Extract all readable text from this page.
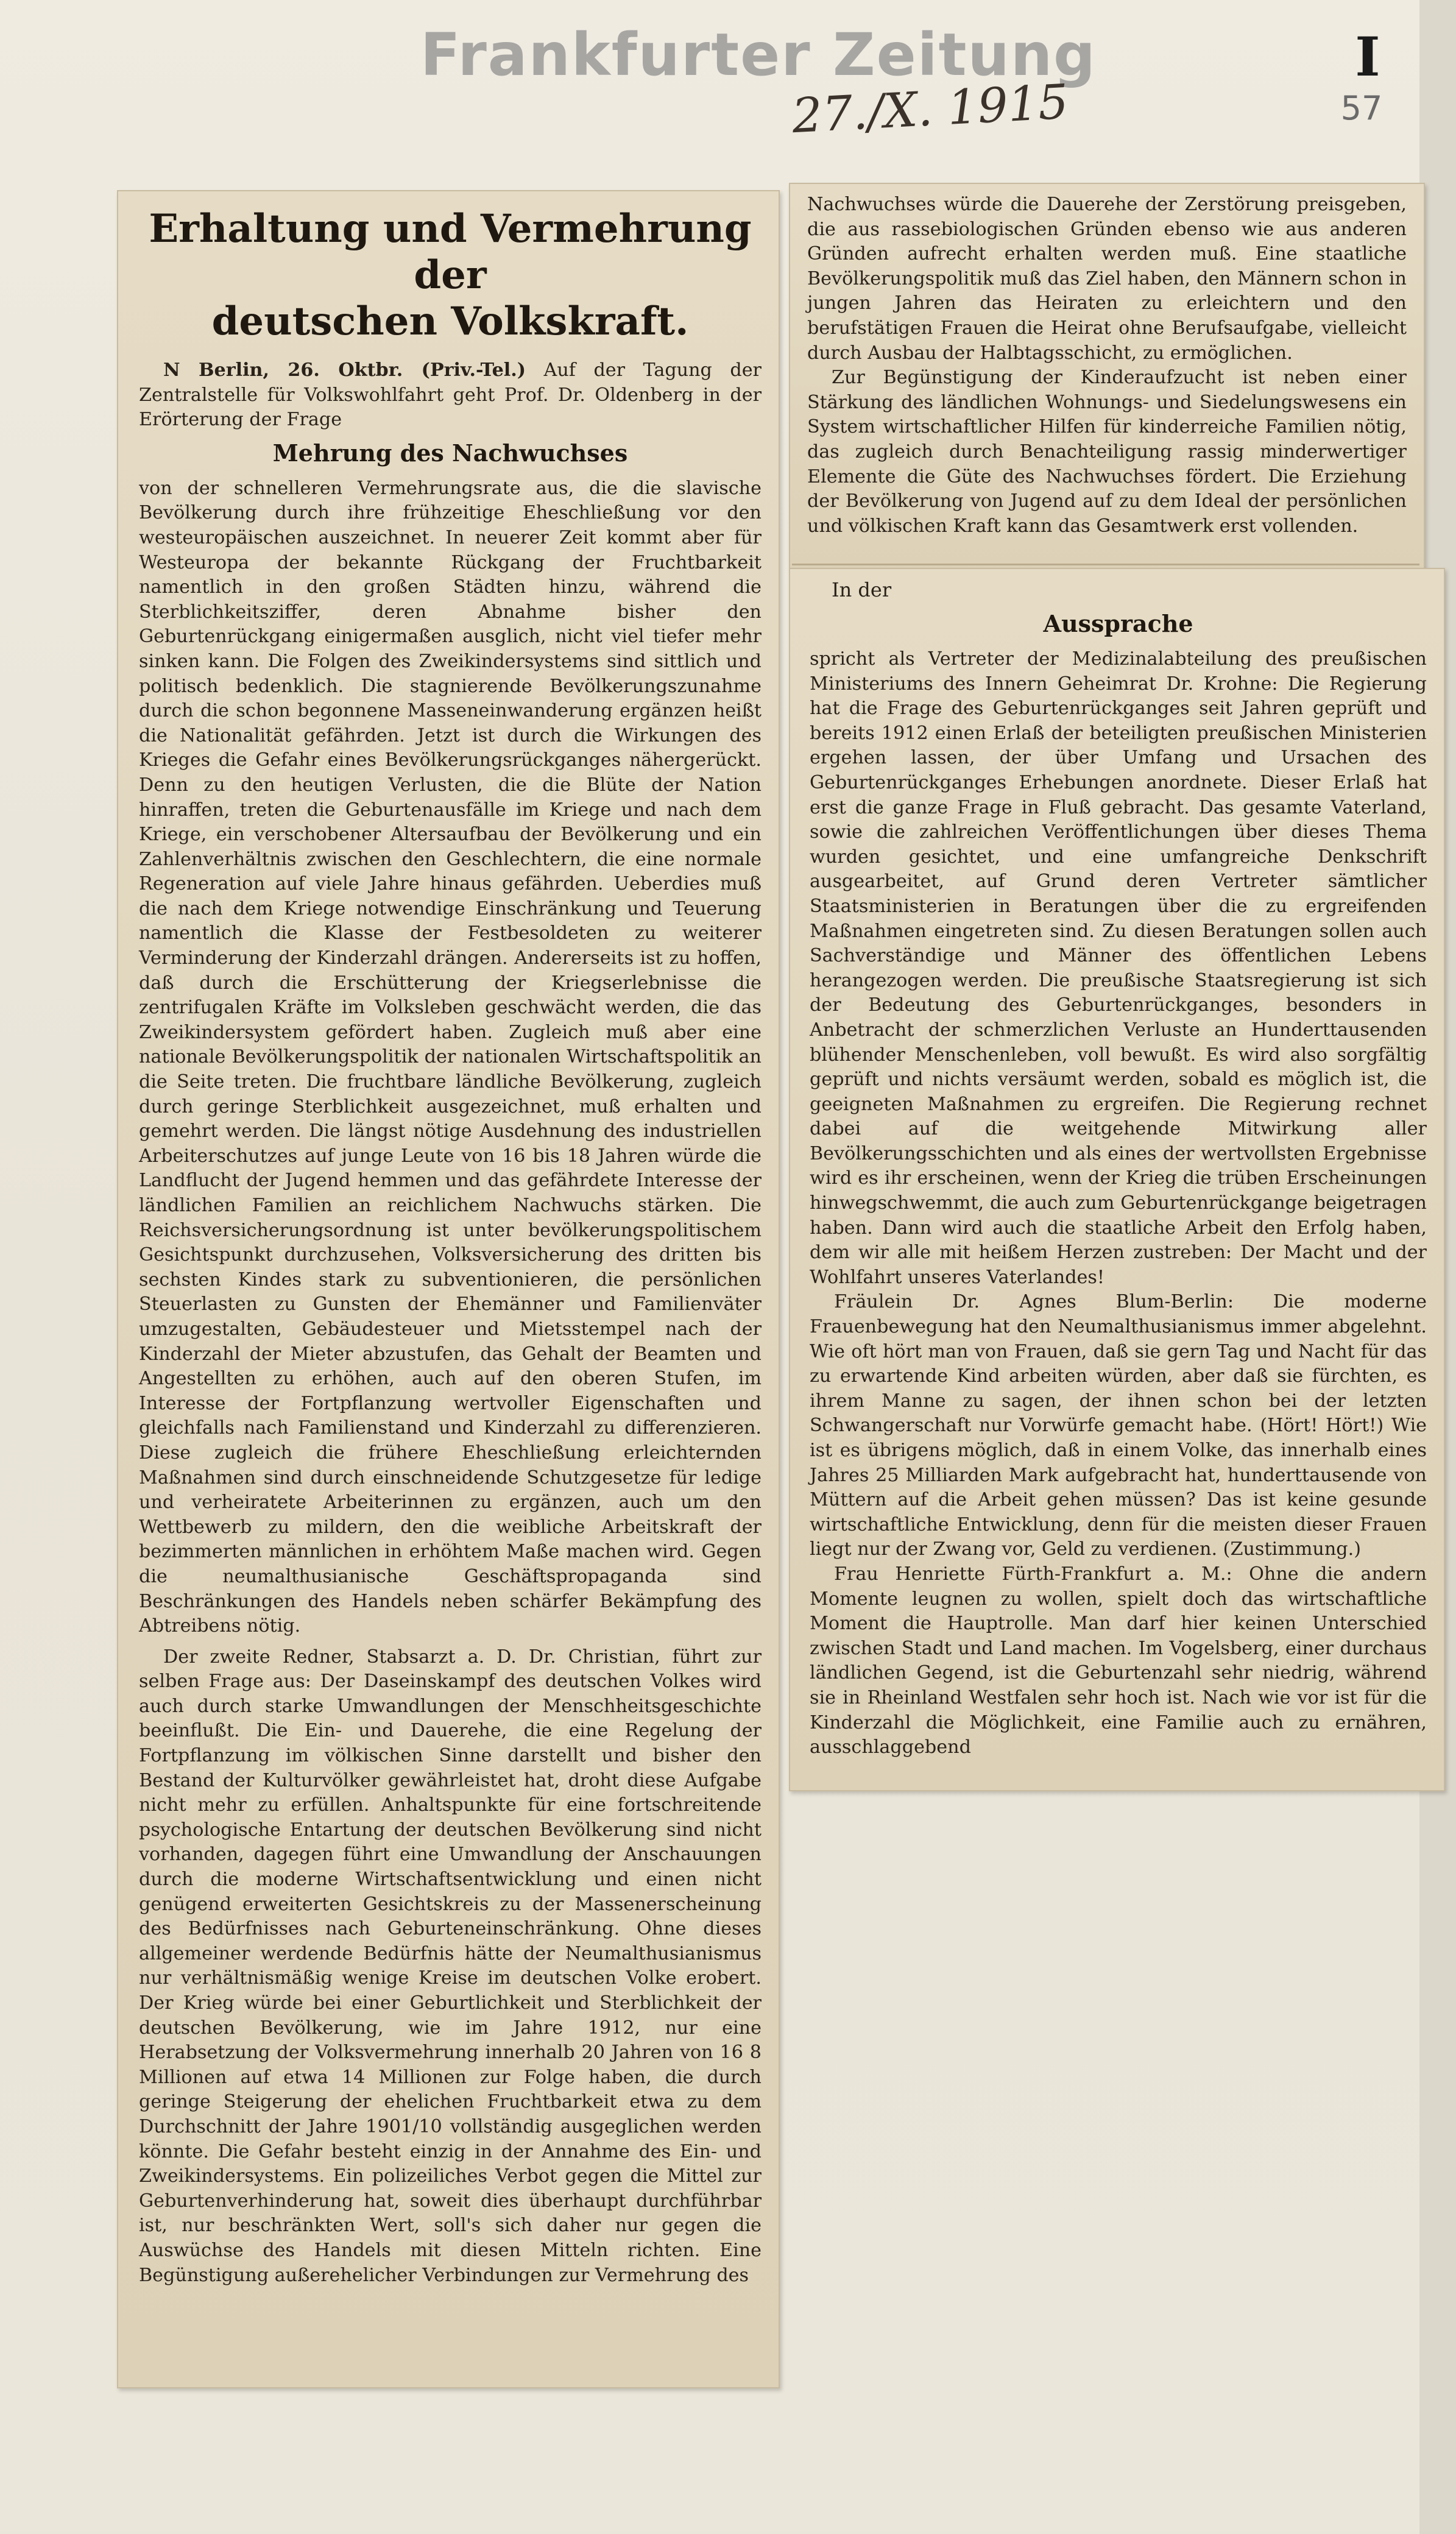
Frankfurter Zeitung
27./X. 1915
I
57
Erhaltung und Vermehrung der
deutschen Volkskraft.

N Berlin, 26. Oktbr. (Priv.-Tel.) Auf der Tagung der Zentralstelle für Volkswohlfahrt geht Prof. Dr. Oldenberg in der Erörterung der Frage

Mehrung des Nachwuchses

von der schnelleren Vermehrungsrate aus, die die slavische Bevölkerung durch ihre frühzeitige Eheschließung vor den westeuropäischen auszeichnet. In neuerer Zeit kommt aber für Westeuropa der bekannte Rückgang der Fruchtbarkeit namentlich in den großen Städten hinzu, während die Sterblichkeitsziffer, deren Abnahme bisher den Geburtenrückgang einigermaßen ausglich, nicht viel tiefer mehr sinken kann. Die Folgen des Zweikindersystems sind sittlich und politisch bedenklich. Die stagnierende Bevölkerungszunahme durch die schon begonnene Masseneinwanderung ergänzen heißt die Nationalität gefährden. Jetzt ist durch die Wirkungen des Krieges die Gefahr eines Bevölkerungsrückganges nähergerückt. Denn zu den heutigen Verlusten, die die Blüte der Nation hinraffen, treten die Geburtenausfälle im Kriege und nach dem Kriege, ein verschobener Altersaufbau der Bevölkerung und ein Zahlenverhältnis zwischen den Geschlechtern, die eine normale Regeneration auf viele Jahre hinaus gefährden. Ueberdies muß die nach dem Kriege notwendige Einschränkung und Teuerung namentlich die Klasse der Festbesoldeten zu weiterer Verminderung der Kinderzahl drängen. Andererseits ist zu hoffen, daß durch die Erschütterung der Kriegserlebnisse die zentrifugalen Kräfte im Volksleben geschwächt werden, die das Zweikindersystem gefördert haben. Zugleich muß aber eine nationale Bevölkerungspolitik der nationalen Wirtschaftspolitik an die Seite treten. Die fruchtbare ländliche Bevölkerung, zugleich durch geringe Sterblichkeit ausgezeichnet, muß erhalten und gemehrt werden. Die längst nötige Ausdehnung des industriellen Arbeiterschutzes auf junge Leute von 16 bis 18 Jahren würde die Landflucht der Jugend hemmen und das gefährdete Interesse der ländlichen Familien an reichlichem Nachwuchs stärken. Die Reichsversicherungsordnung ist unter bevölkerungspolitischem Gesichtspunkt durchzusehen, Volksversicherung des dritten bis sechsten Kindes stark zu subventionieren, die persönlichen Steuerlasten zu Gunsten der Ehemänner und Familienväter umzugestalten, Gebäudesteuer und Mietsstempel nach der Kinderzahl der Mieter abzustufen, das Gehalt der Beamten und Angestellten zu erhöhen, auch auf den oberen Stufen, im Interesse der Fortpflanzung wertvoller Eigenschaften und gleichfalls nach Familienstand und Kinderzahl zu differenzieren. Diese zugleich die frühere Eheschließung erleichternden Maßnahmen sind durch einschneidende Schutzgesetze für ledige und verheiratete Arbeiterinnen zu ergänzen, auch um den Wettbewerb zu mildern, den die weibliche Arbeitskraft der bezimmerten männlichen in erhöhtem Maße machen wird. Gegen die neumalthusianische Geschäftspropaganda sind Beschränkungen des Handels neben schärfer Bekämpfung des Abtreibens nötig.

Der zweite Redner, Stabsarzt a. D. Dr. Christian, führt zur selben Frage aus: Der Daseinskampf des deutschen Volkes wird auch durch starke Umwandlungen der Menschheitsgeschichte beeinflußt. Die Ein- und Dauerehe, die eine Regelung der Fortpflanzung im völkischen Sinne darstellt und bisher den Bestand der Kulturvölker gewährleistet hat, droht diese Aufgabe nicht mehr zu erfüllen. Anhaltspunkte für eine fortschreitende psychologische Entartung der deutschen Bevölkerung sind nicht vorhanden, dagegen führt eine Umwandlung der Anschauungen durch die moderne Wirtschaftsentwicklung und einen nicht genügend erweiterten Gesichtskreis zu der Massenerscheinung des Bedürfnisses nach Geburteneinschränkung. Ohne dieses allgemeiner werdende Bedürfnis hätte der Neumalthusianismus nur verhältnismäßig wenige Kreise im deutschen Volke erobert. Der Krieg würde bei einer Geburtlichkeit und Sterblichkeit der deutschen Bevölkerung, wie im Jahre 1912, nur eine Herabsetzung der Volksvermehrung innerhalb 20 Jahren von 16 8 Millionen auf etwa 14 Millionen zur Folge haben, die durch geringe Steigerung der ehelichen Fruchtbarkeit etwa zu dem Durchschnitt der Jahre 1901/10 vollständig ausgeglichen werden könnte. Die Gefahr besteht einzig in der Annahme des Ein- und Zweikindersystems. Ein polizeiliches Verbot gegen die Mittel zur Geburtenverhinderung hat, soweit dies überhaupt durchführbar ist, nur beschränkten Wert, soll's sich daher nur gegen die Auswüchse des Handels mit diesen Mitteln richten. Eine Begünstigung außerehelicher Verbindungen zur Vermehrung des

Nachwuchses würde die Dauerehe der Zerstörung preisgeben, die aus rassebiologischen Gründen ebenso wie aus anderen Gründen aufrecht erhalten werden muß. Eine staatliche Bevölkerungspolitik muß das Ziel haben, den Männern schon in jungen Jahren das Heiraten zu erleichtern und den berufstätigen Frauen die Heirat ohne Berufsaufgabe, vielleicht durch Ausbau der Halbtagsschicht, zu ermöglichen.

Zur Begünstigung der Kinderaufzucht ist neben einer Stärkung des ländlichen Wohnungs- und Siedelungswesens ein System wirtschaftlicher Hilfen für kinderreiche Familien nötig, das zugleich durch Benachteiligung rassig minderwertiger Elemente die Güte des Nachwuchses fördert. Die Erziehung der Bevölkerung von Jugend auf zu dem Ideal der persönlichen und völkischen Kraft kann das Gesamtwerk erst vollenden.

In der
Aussprache

spricht als Vertreter der Medizinalabteilung des preußischen Ministeriums des Innern Geheimrat Dr. Krohne: Die Regierung hat die Frage des Geburtenrückganges seit Jahren geprüft und bereits 1912 einen Erlaß der beteiligten preußischen Ministerien ergehen lassen, der über Umfang und Ursachen des Geburtenrückganges Erhebungen anordnete. Dieser Erlaß hat erst die ganze Frage in Fluß gebracht. Das gesamte Vaterland, sowie die zahlreichen Veröffentlichungen über dieses Thema wurden gesichtet, und eine umfangreiche Denkschrift ausgearbeitet, auf Grund deren Vertreter sämtlicher Staatsministerien in Beratungen über die zu ergreifenden Maßnahmen eingetreten sind. Zu diesen Beratungen sollen auch Sachverständige und Männer des öffentlichen Lebens herangezogen werden. Die preußische Staatsregierung ist sich der Bedeutung des Geburtenrückganges, besonders in Anbetracht der schmerzlichen Verluste an Hunderttausenden blühender Menschenleben, voll bewußt. Es wird also sorgfältig geprüft und nichts versäumt werden, sobald es möglich ist, die geeigneten Maßnahmen zu ergreifen. Die Regierung rechnet dabei auf die weitgehende Mitwirkung aller Bevölkerungsschichten und als eines der wertvollsten Ergebnisse wird es ihr erscheinen, wenn der Krieg die trüben Erscheinungen hinwegschwemmt, die auch zum Geburtenrückgange beigetragen haben. Dann wird auch die staatliche Arbeit den Erfolg haben, dem wir alle mit heißem Herzen zustreben: Der Macht und der Wohlfahrt unseres Vaterlandes!

Fräulein Dr. Agnes Blum-Berlin: Die moderne Frauenbewegung hat den Neumalthusianismus immer abgelehnt. Wie oft hört man von Frauen, daß sie gern Tag und Nacht für das zu erwartende Kind arbeiten würden, aber daß sie fürchten, es ihrem Manne zu sagen, der ihnen schon bei der letzten Schwangerschaft nur Vorwürfe gemacht habe. (Hört! Hört!) Wie ist es übrigens möglich, daß in einem Volke, das innerhalb eines Jahres 25 Milliarden Mark aufgebracht hat, hunderttausende von Müttern auf die Arbeit gehen müssen? Das ist keine gesunde wirtschaftliche Entwicklung, denn für die meisten dieser Frauen liegt nur der Zwang vor, Geld zu verdienen. (Zustimmung.)

Frau Henriette Fürth-Frankfurt a. M.: Ohne die andern Momente leugnen zu wollen, spielt doch das wirtschaftliche Moment die Hauptrolle. Man darf hier keinen Unterschied zwischen Stadt und Land machen. Im Vogelsberg, einer durchaus ländlichen Gegend, ist die Geburtenzahl sehr niedrig, während sie in Rheinland Westfalen sehr hoch ist. Nach wie vor ist für die Kinderzahl die Möglichkeit, eine Familie auch zu ernähren, ausschlaggebend
